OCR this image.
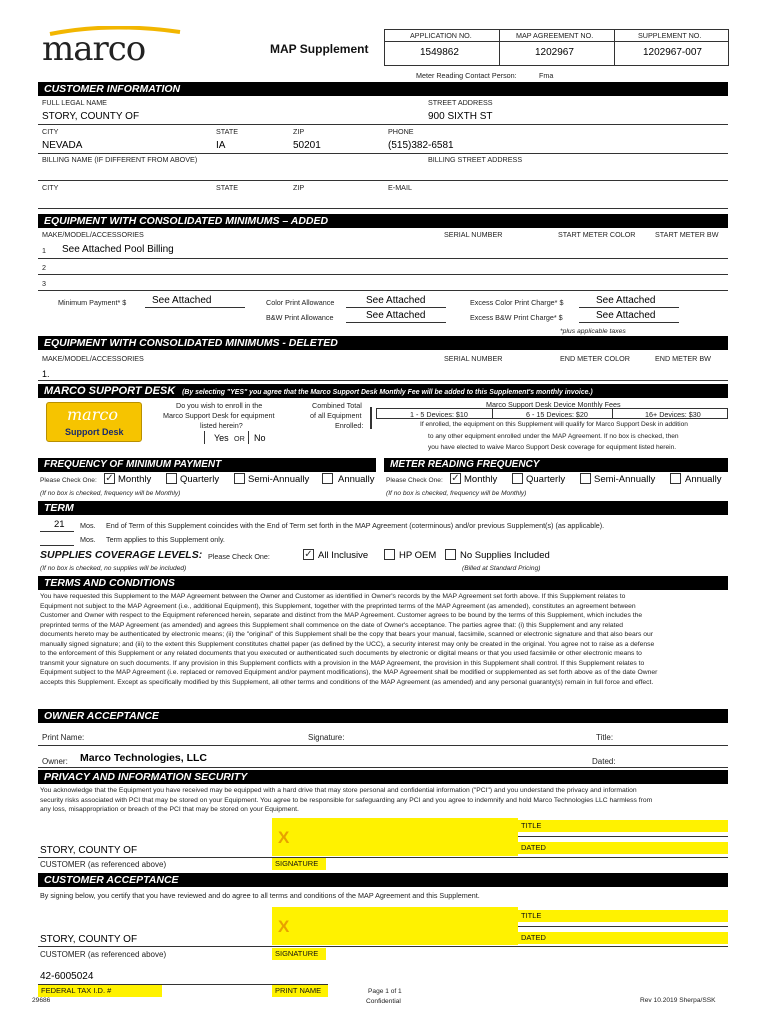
marco	MAP Supplement
APPLICATION NO.
1549862
MAP AGREEMENT NO.
1202967
SUPPLEMENT NO.
1202967-007
Meter Reading Contact Person:	Fma
CUSTOMER INFORMATION
FULL LEGAL NAME	STREET ADDRESS
STORY, COUNTY OF	900 SIXTH ST
CITY	STATE	ZIP	PHONE
NEVADA	IA	50201	(515)382-6581
BILLING NAME (IF DIFFERENT FROM ABOVE)	BILLING STREET ADDRESS
CITY	STATE	ZIP	E-MAIL
EQUIPMENT WITH CONSOLIDATED MINIMUMS – ADDED
MAKE/MODEL/ACCESSORIES	SERIAL NUMBER	START METER COLOR	START METER BW
1 See Attached Pool Billing
2
3
Minimum Payment* $	See Attached	Color Print Allowance	See Attached
B&W Print Allowance	See Attached
Excess Color Print Charge* $	See Attached
Excess B&W Print Charge* $	See Attached
*plus applicable taxes
EQUIPMENT WITH CONSOLIDATED MINIMUMS - DELETED
MAKE/MODEL/ACCESSORIES	SERIAL NUMBER	END METER COLOR	END METER BW
1.
MARCO SUPPORT DESK (By selecting "YES" you agree that the Marco Support Desk Monthly Fee will be added to this Supplement's monthly invoice.)
marco
Support Desk
Do you wish to enroll in the
Marco Support Desk for equipment
listed herein?
Yes OR No
Combined Total
of all Equipment
Enrolled:
Marco Support Desk Device Monthly Fees
1 - 5 Devices: $10	6 - 15 Devices: $20	16+ Devices: $30
If enrolled, the equipment on this Supplement will qualify for Marco Support Desk in addition
to any other equipment enrolled under the MAP Agreement. If no box is checked, then
you have elected to waive Marco Support Desk coverage for equipment listed herein.
FREQUENCY OF MINIMUM PAYMENT	METER READING FREQUENCY
Please Check One: ✓ Monthly	Quarterly	Semi-Annually	Annually Please Check One: ✓ Monthly	Quarterly	Semi-Annually	Annually
(If no box is checked, frequency will be Monthly)	(If no box is checked, frequency will be Monthly)
TERM
21 Mos. End of Term of this Supplement coincides with the End of Term set forth in the MAP Agreement (coterminous) and/or previous Supplement(s) (as applicable).
Mos. Term applies to this Supplement only.
SUPPLIES COVERAGE LEVELS: Please Check One:	✓ All Inclusive	HP OEM No Supplies Included
(If no box is checked, no supplies will be included)	(Billed at Standard Pricing)
TERMS AND CONDITIONS
You have requested this Supplement to the MAP Agreement between the Owner and Customer as identified in Owner's records by the MAP Agreement set forth above. If this Supplement relates to
Equipment not subject to the MAP Agreement (i.e., additional Equipment), this Supplement, together with the preprinted terms of the MAP Agreement (as amended), constitutes an agreement between
Customer and Owner with respect to the Equipment referenced herein, separate and distinct from the MAP Agreement. Customer agrees to be bound by the terms of this Supplement, which includes the
preprinted terms of the MAP Agreement (as amended) and agrees this Supplement shall commence on the date of Owner's acceptance. The parties agree that: (i) this Supplement and any related
documents hereto may be authenticated by electronic means; (ii) the "original" of this Supplement shall be the copy that bears your manual, facsimile, scanned or electronic signature and that also bears our
manually signed signature; and (iii) to the extent this Supplement constitutes chattel paper (as defined by the UCC), a security interest may only be created in the original. You agree not to raise as a defense
to the enforcement of this Supplement or any related documents that you executed or authenticated such documents by electronic or digital means or that you used facsimile or other electronic means to
transmit your signature on such documents. If any provision in this Supplement conflicts with a provision in the MAP Agreement, the provision in this Supplement shall control. If this Supplement relates to
Equipment subject to the MAP Agreement (i.e. replaced or removed Equipment and/or payment modifications), the MAP Agreement shall be modified or supplemented as set forth above as of the date Owner
accepts this Supplement. Except as specifically modified by this Supplement, all other terms and conditions of the MAP Agreement (as amended) and any personal guaranty(s) remain in full force and effect.
OWNER ACCEPTANCE
Print Name:	Signature:	Title:
Owner: Marco Technologies, LLC	Dated:
PRIVACY AND INFORMATION SECURITY
You acknowledge that the Equipment you have received may be equipped with a hard drive that may store personal and confidential information ("PCI") and you understand the privacy and information
security risks associated with PCI that may be stored on your Equipment. You agree to be responsible for safeguarding any PCI and you agree to indemnify and hold Marco Technologies LLC harmless from
any loss, misappropriation or breach of the PCI that may be stored on your Equipment.
X
TITLE
DATED
STORY, COUNTY OF
CUSTOMER (as referenced above)	SIGNATURE
CUSTOMER ACCEPTANCE
By signing below, you certify that you have reviewed and do agree to all terms and conditions of the MAP Agreement and this Supplement.
X
TITLE
DATED
STORY, COUNTY OF
CUSTOMER (as referenced above)	SIGNATURE
42-6005024
FEDERAL TAX I.D. #	PRINT NAME
29686
Page 1 of 1
Confidential	Rev 10.2019 Sherpa/SSK
